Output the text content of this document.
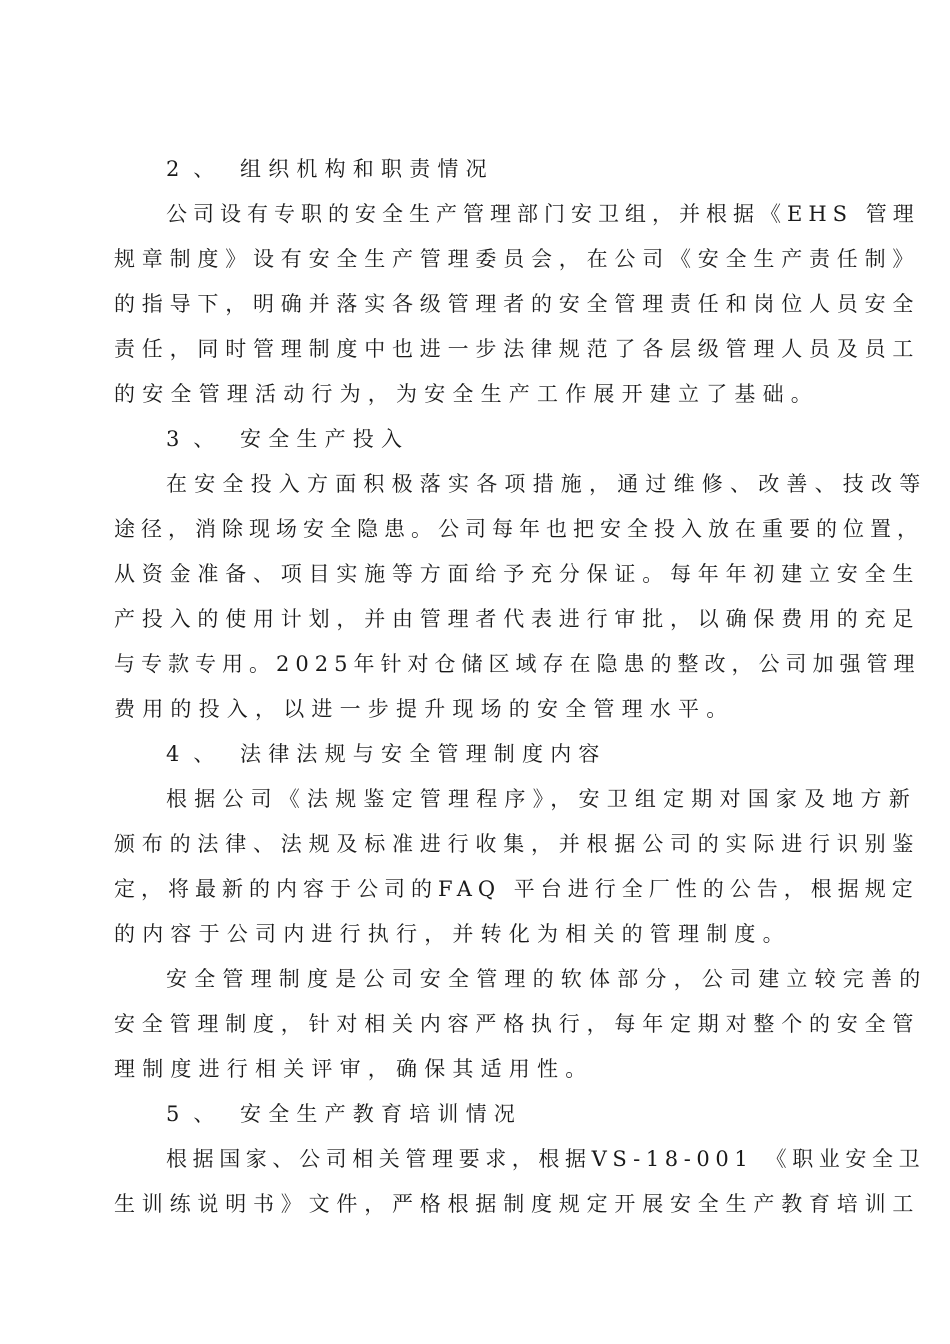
2、 组织机构和职责情况
公司设有专职的安全生产管理部门安卫组，并根据《EHS 管理
规章制度》设有安全生产管理委员会，在公司《安全生产责任制》
的指导下，明确并落实各级管理者的安全管理责任和岗位人员安全
责任，同时管理制度中也进一步法律规范了各层级管理人员及员工
的安全管理活动行为，为安全生产工作展开建立了基础。
3、 安全生产投入
在安全投入方面积极落实各项措施，通过维修、改善、技改等
途径，消除现场安全隐患。公司每年也把安全投入放在重要的位置，
从资金准备、项目实施等方面给予充分保证。每年年初建立安全生
产投入的使用计划，并由管理者代表进行审批，以确保费用的充足
与专款专用。2025年针对仓储区域存在隐患的整改，公司加强管理
费用的投入，以进一步提升现场的安全管理水平。
4、 法律法规与安全管理制度内容
根据公司《法规鉴定管理程序》，安卫组定期对国家及地方新
颁布的法律、法规及标准进行收集，并根据公司的实际进行识别鉴
定，将最新的内容于公司的FAQ 平台进行全厂性的公告，根据规定
的内容于公司内进行执行，并转化为相关的管理制度。
安全管理制度是公司安全管理的软体部分，公司建立较完善的
安全管理制度，针对相关内容严格执行，每年定期对整个的安全管
理制度进行相关评审，确保其适用性。
5、 安全生产教育培训情况
根据国家、公司相关管理要求，根据VS-18-001 《职业安全卫
生训练说明书》文件，严格根据制度规定开展安全生产教育培训工
